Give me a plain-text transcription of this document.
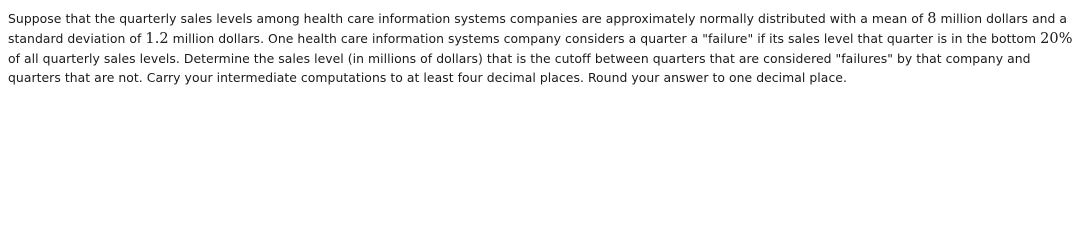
Suppose that the quarterly sales levels among health care information systems companies are approximately normally distributed with a mean of 8 million dollars and a standard deviation of 1.2 million dollars. One health care information systems company considers a quarter a "failure" if its sales level that quarter is in the bottom 20% of all quarterly sales levels. Determine the sales level (in millions of dollars) that is the cutoff between quarters that are considered "failures" by that company and quarters that are not. Carry your intermediate computations to at least four decimal places. Round your answer to one decimal place.
